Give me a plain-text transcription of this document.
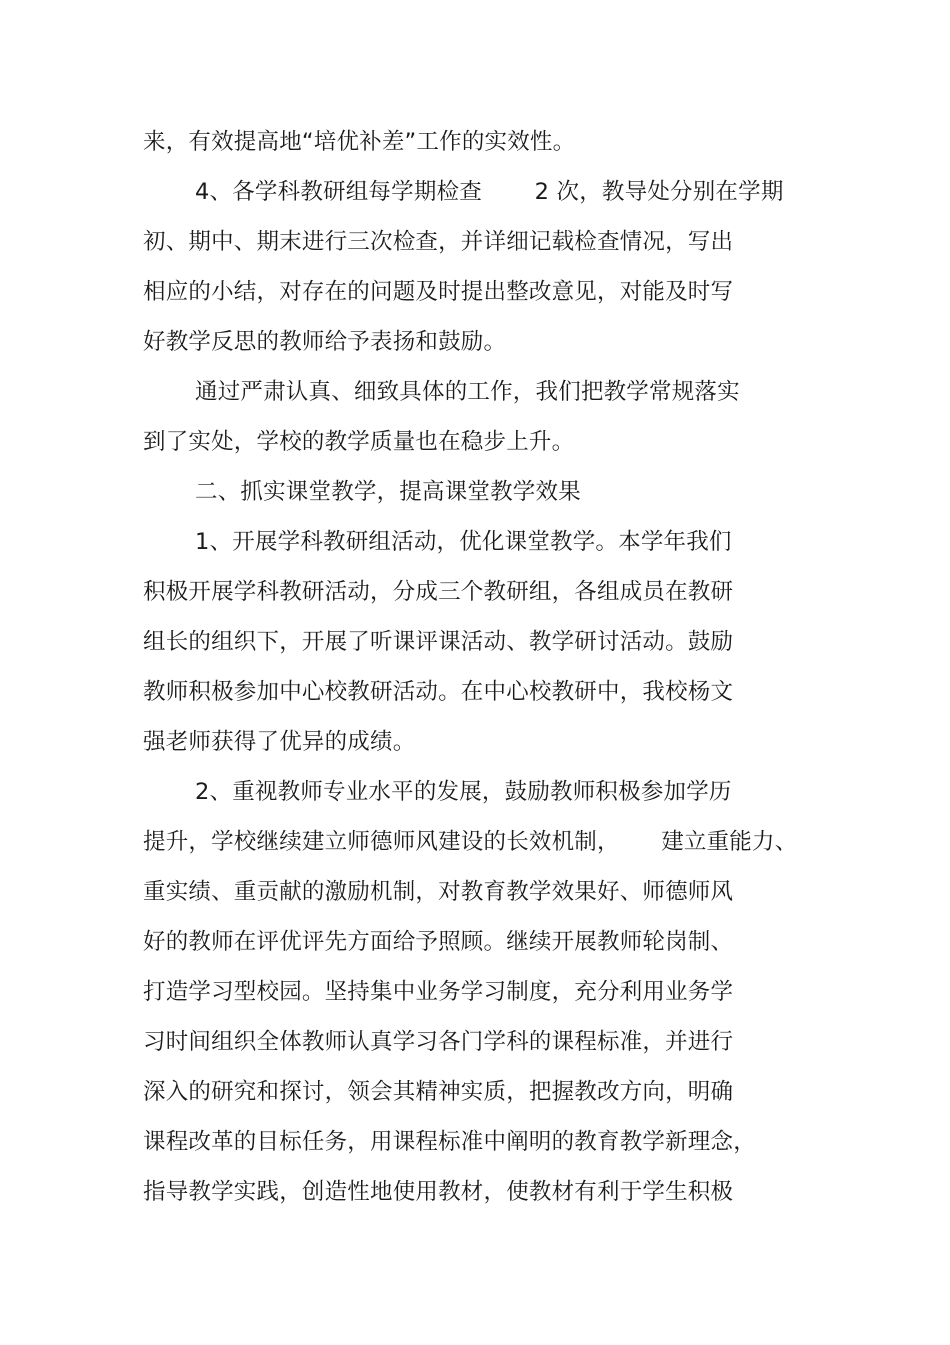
来，有效提高地“培优补差”工作的实效性。
4、各学科教研组每学期检查　　 2 次，教导处分别在学期
初、期中、期末进行三次检查，并详细记载检查情况，写出
相应的小结，对存在的问题及时提出整改意见，对能及时写
好教学反思的教师给予表扬和鼓励。
通过严肃认真、细致具体的工作，我们把教学常规落实
到了实处，学校的教学质量也在稳步上升。
二、抓实课堂教学，提高课堂教学效果
1、开展学科教研组活动，优化课堂教学。本学年我们
积极开展学科教研活动，分成三个教研组，各组成员在教研
组长的组织下，开展了听课评课活动、教学研讨活动。鼓励
教师积极参加中心校教研活动。在中心校教研中，我校杨文
强老师获得了优异的成绩。
2、重视教师专业水平的发展，鼓励教师积极参加学历
提升，学校继续建立师德师风建设的长效机制，　　 建立重能力、
重实绩、重贡献的激励机制，对教育教学效果好、师德师风
好的教师在评优评先方面给予照顾。继续开展教师轮岗制、
打造学习型校园。坚持集中业务学习制度，充分利用业务学
习时间组织全体教师认真学习各门学科的课程标准，并进行
深入的研究和探讨，领会其精神实质，把握教改方向，明确
课程改革的目标任务，用课程标准中阐明的教育教学新理念，
指导教学实践，创造性地使用教材，使教材有利于学生积极
